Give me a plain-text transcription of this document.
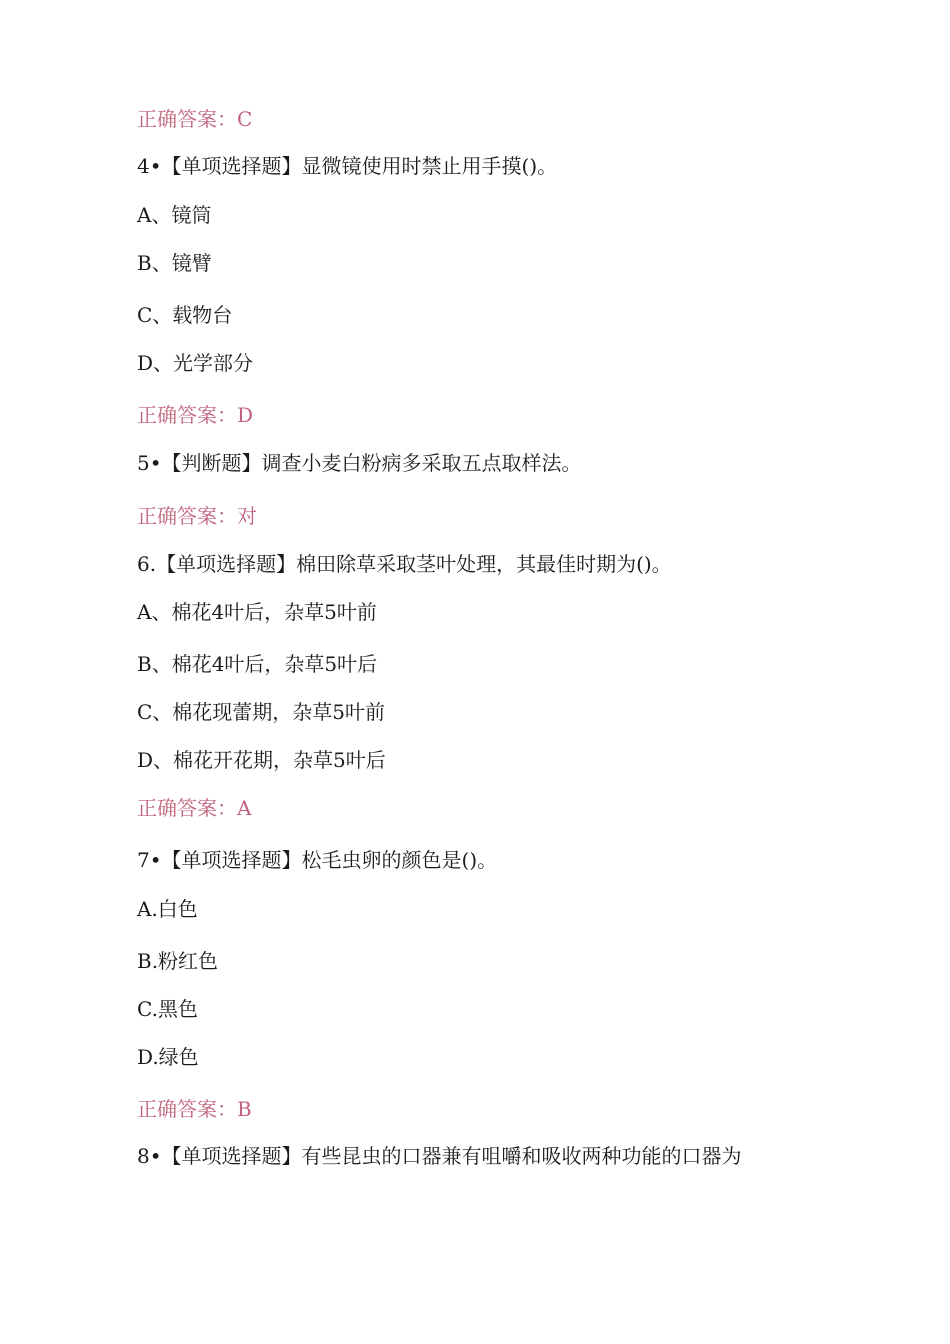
正确答案：C
4•【单项选择题】显微镜使用时禁止用手摸()。
A、镜筒
B、镜臂
C、载物台
D、光学部分
正确答案：D
5•【判断题】调查小麦白粉病多采取五点取样法。
正确答案：对
6.【单项选择题】棉田除草采取茎叶处理，其最佳时期为()。
A、棉花4叶后，杂草5叶前
B、棉花4叶后，杂草5叶后
C、棉花现蕾期，杂草5叶前
D、棉花开花期，杂草5叶后
正确答案：A
7•【单项选择题】松毛虫卵的颜色是()。
A.白色
B.粉红色
C.黑色
D.绿色
正确答案：B
8•【单项选择题】有些昆虫的口器兼有咀嚼和吸收两种功能的口器为
